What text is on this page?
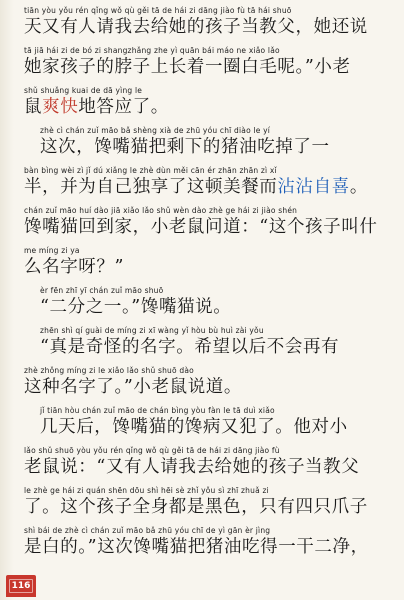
tiān yòu yǒu rén qǐng wǒ qù gěi tā de hái zi dāng jiào fù tā hái shuō
天又有人请我去给她的孩子当教父，她还说
tā jiā hái zi de bó zi shangzhǎng zhe yì quān bái máo ne xiǎo lǎo
她家孩子的脖子上长着一圈白毛呢。”小老
shǔ shuǎng kuai de dā yìng le
鼠爽快地答应了。
zhè cì chán zuǐ māo bǎ shèng xià de zhū yóu chī diào le yí
这次，馋嘴猫把剩下的猪油吃掉了一
bàn bìng wèi zì jǐ dú xiǎng le zhè dùn měi cān ér zhān zhān zì xǐ
半，并为自己独享了这顿美餐而沾沾自喜。
chán zuǐ māo huí dào jiā xiǎo lǎo shǔ wèn dào zhè ge hái zi jiào shén
馋嘴猫回到家，小老鼠问道：“这个孩子叫什
me míng zi ya
么名字呀？”
èr fēn zhī yī chán zuǐ māo shuō
“二分之一。”馋嘴猫说。
zhēn shì qí guài de míng zi xī wàng yǐ hòu bù huì zài yǒu
“真是奇怪的名字。希望以后不会再有
zhè zhǒng míng zi le xiǎo lǎo shǔ shuō dào
这种名字了。”小老鼠说道。
jǐ tiān hòu chán zuǐ māo de chán bìng yòu fàn le tā duì xiǎo
几天后，馋嘴猫的馋病又犯了。他对小
lǎo shǔ shuō yòu yǒu rén qǐng wǒ qù gěi tā de hái zi dāng jiào fù
老鼠说：“又有人请我去给她的孩子当教父
le zhè ge hái zi quán shēn dōu shì hēi sè zhǐ yǒu sì zhī zhuǎ zi
了。这个孩子全身都是黑色，只有四只爪子
shì bái de zhè cì chán zuǐ māo bǎ zhū yóu chī de yì gān èr jìng
是白的。”这次馋嘴猫把猪油吃得一干二净，
116
